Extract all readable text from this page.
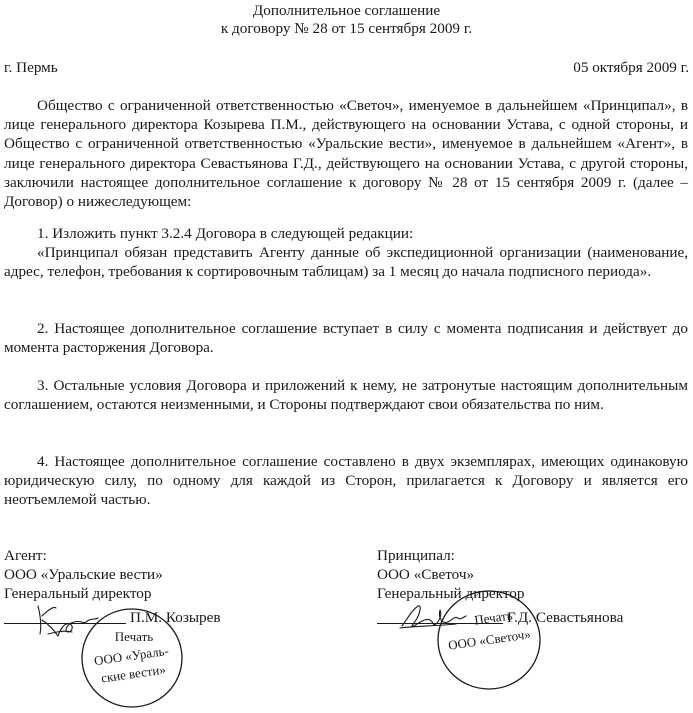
Дополнительное соглашение
к договору № 28 от 15 сентября 2009 г.
г. Пермь	05 октября 2009 г.
Общество с ограниченной ответственностью «Светоч», именуемое в дальнейшем «Принципал», в лице генерального директора Козырева П.М., действующего на основании Устава, с одной стороны, и Общество с ограниченной ответственностью «Уральские вести», именуемое в дальнейшем «Агент», в лице генерального директора Севастьянова Г.Д., действующего на основании Устава, с другой стороны, заключили настоящее дополнительное соглашение к договору № 28 от 15 сентября 2009 г. (далее – Договор) о нижеследующем:
1. Изложить пункт 3.2.4 Договора в следующей редакции:
«Принципал обязан представить Агенту данные об экспедиционной организации (наименование, адрес, телефон, требования к сортировочным таблицам) за 1 месяц до начала подписного периода».
2. Настоящее дополнительное соглашение вступает в силу с момента подписания и действует до момента расторжения Договора.
3. Остальные условия Договора и приложений к нему, не затронутые настоящим дополнительным соглашением, остаются неизменными, и Стороны подтверждают свои обязательства по ним.
4. Настоящее дополнительное соглашение составлено в двух экземплярах, имеющих одинаковую юридическую силу, по одному для каждой из Сторон, прилагается к Договору и является его неотъемлемой частью.
Агент:
ООО «Уральские вести»
Генеральный директор
П.М. Козырев
Печать
ООО «Ураль-
ские вести»
Принципал:
ООО «Светоч»
Генеральный директор
Г.Д. Севастьянова
Печать
ООО «Светоч»
